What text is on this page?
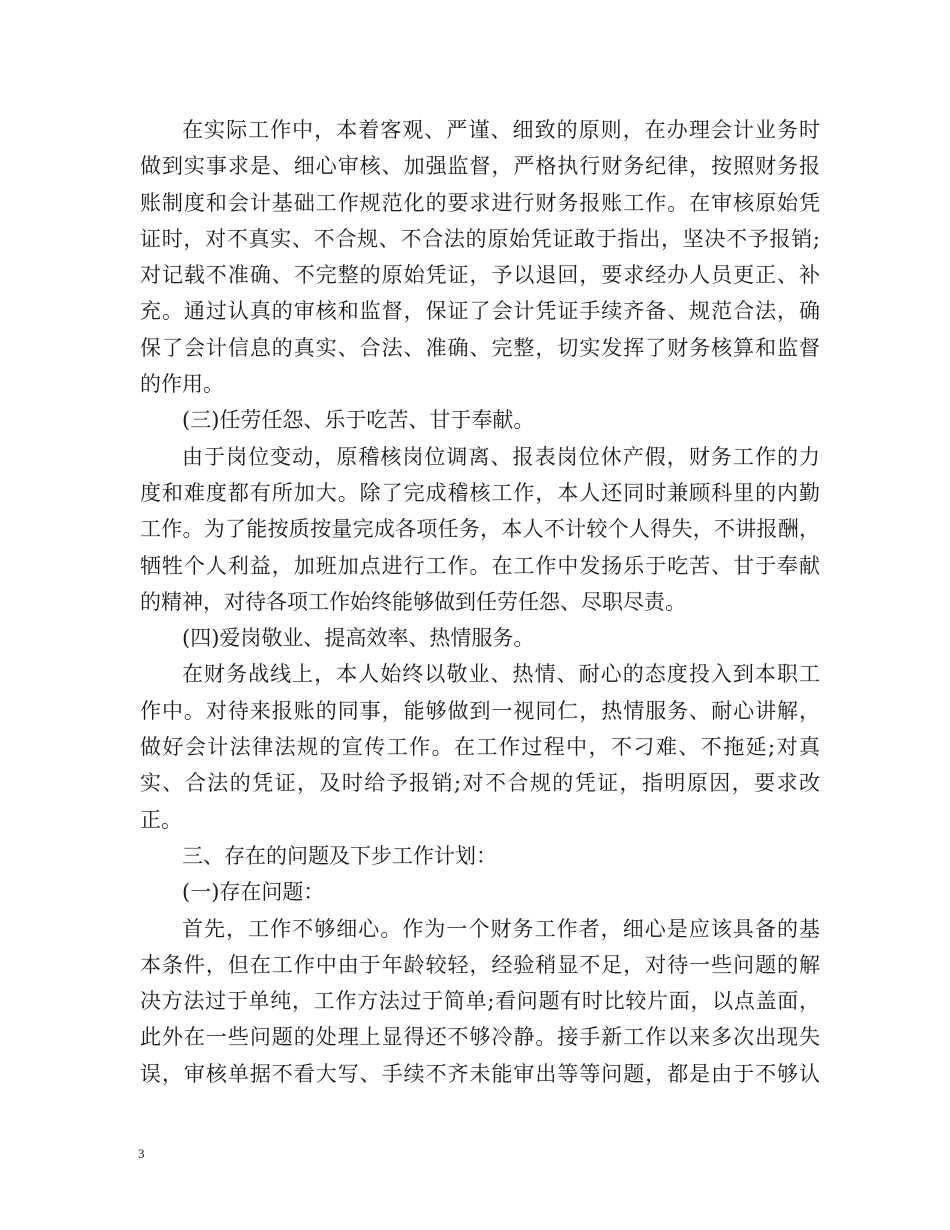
在实际工作中，本着客观、严谨、细致的原则，在办理会计业务时
做到实事求是、细心审核、加强监督，严格执行财务纪律，按照财务报
账制度和会计基础工作规范化的要求进行财务报账工作。在审核原始凭
证时，对不真实、不合规、不合法的原始凭证敢于指出，坚决不予报销;
对记载不准确、不完整的原始凭证，予以退回，要求经办人员更正、补
充。通过认真的审核和监督，保证了会计凭证手续齐备、规范合法，确
保了会计信息的真实、合法、准确、完整，切实发挥了财务核算和监督
的作用。
(三)任劳任怨、乐于吃苦、甘于奉献。
由于岗位变动，原稽核岗位调离、报表岗位休产假，财务工作的力
度和难度都有所加大。除了完成稽核工作，本人还同时兼顾科里的内勤
工作。为了能按质按量完成各项任务，本人不计较个人得失，不讲报酬，
牺牲个人利益，加班加点进行工作。在工作中发扬乐于吃苦、甘于奉献
的精神，对待各项工作始终能够做到任劳任怨、尽职尽责。
(四)爱岗敬业、提高效率、热情服务。
在财务战线上，本人始终以敬业、热情、耐心的态度投入到本职工
作中。对待来报账的同事，能够做到一视同仁，热情服务、耐心讲解，
做好会计法律法规的宣传工作。在工作过程中，不刁难、不拖延;对真
实、合法的凭证，及时给予报销;对不合规的凭证，指明原因，要求改
正。
三、存在的问题及下步工作计划：
(一)存在问题：
首先，工作不够细心。作为一个财务工作者，细心是应该具备的基
本条件，但在工作中由于年龄较轻，经验稍显不足，对待一些问题的解
决方法过于单纯，工作方法过于简单;看问题有时比较片面，以点盖面，
此外在一些问题的处理上显得还不够冷静。接手新工作以来多次出现失
误，审核单据不看大写、手续不齐未能审出等等问题，都是由于不够认
3
